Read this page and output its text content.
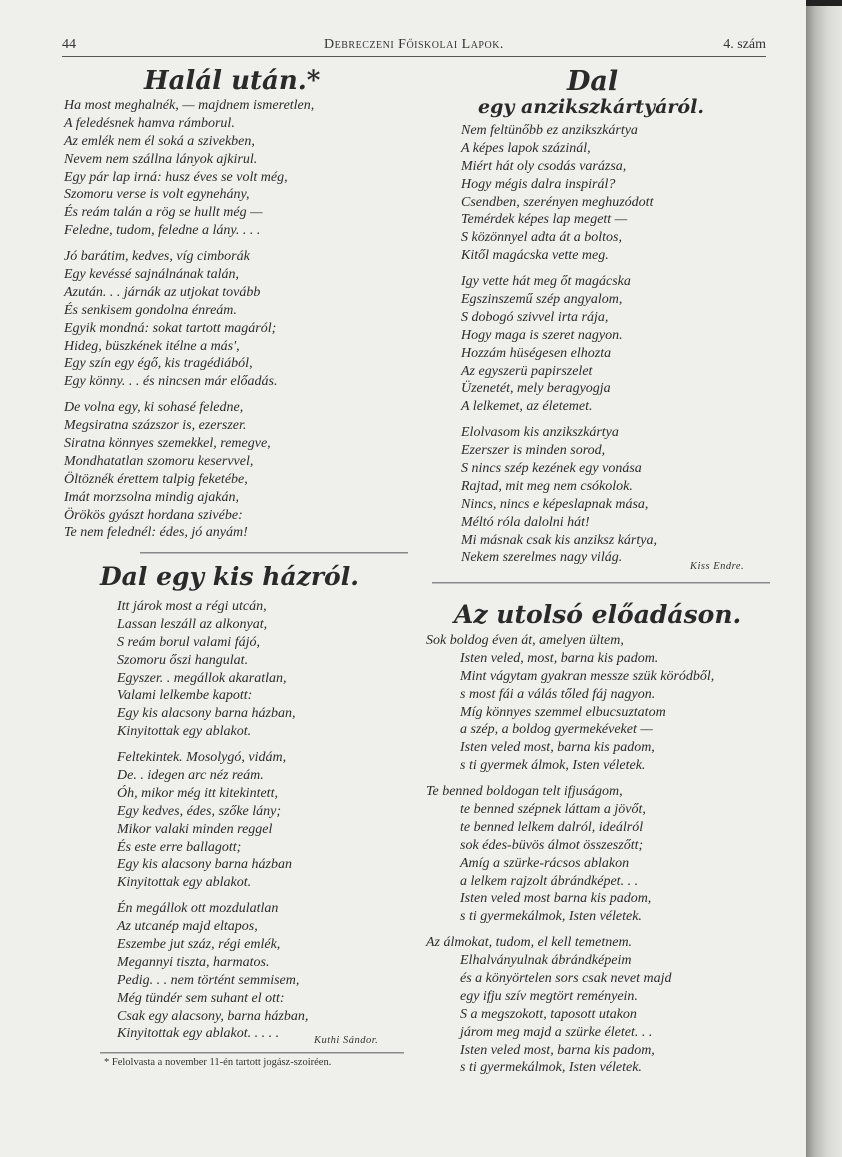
44	Debreczeni Főiskolai Lapok.	4. szám
Halál után.*
Ha most meghalnék, — majdnem ismeretlen,
A feledésnek hamva rámborul.
Az emlék nem él soká a szivekben,
Nevem nem szállna lányok ajkirul.
Egy pár lap irná: husz éves se volt még,
Szomoru verse is volt egynehány,
És reám talán a rög se hullt még —
Feledne, tudom, feledne a lány. . . .
Jó barátim, kedves, víg cimborák
Egy kevéssé sajnálnának talán,
Azután. . . járnák az utjokat tovább
És senkisem gondolna énreám.
Egyik mondná: sokat tartott magáról;
Hideg, büszkének itélne a más',
Egy szín egy égő, kis tragédiából,
Egy könny. . . és nincsen már előadás.
De volna egy, ki sohasé feledne,
Megsiratna százszor is, ezerszer.
Siratna könnyes szemekkel, remegve,
Mondhatatlan szomoru keservvel,
Öltöznék érettem talpig feketébe,
Imát morzsolna mindig ajakán,
Örökös gyászt hordana szivébe:
Te nem felednél: édes, jó anyám!
Dal egy kis házról.
Itt járok most a régi utcán,
Lassan leszáll az alkonyat,
S reám borul valami fájó,
Szomoru őszi hangulat.
Egyszer. . megállok akaratlan,
Valami lelkembe kapott:
Egy kis alacsony barna házban,
Kinyitottak egy ablakot.
Feltekintek. Mosolygó, vidám,
De. . idegen arc néz reám.
Óh, mikor még itt kitekintett,
Egy kedves, édes, szőke lány;
Mikor valaki minden reggel
És este erre ballagott;
Egy kis alacsony barna házban
Kinyitottak egy ablakot.
Én megállok ott mozdulatlan
Az utcanép majd eltapos,
Eszembe jut száz, régi emlék,
Megannyi tiszta, harmatos.
Pedig. . . nem történt semmisem,
Még tündér sem suhant el ott:
Csak egy alacsony, barna házban,
Kinyitottak egy ablakot. . . . .	Kuthi Sándor.
* Felolvasta a november 11-én tartott jogász-szoiréen.
Dal
egy anzikszkártyáról.
Nem feltünőbb ez anzikszkártya
A képes lapok százinál,
Miért hát oly csodás varázsa,
Hogy mégis dalra inspirál?
Csendben, szerényen meghuzódott
Temérdek képes lap megett —
S közönnyel adta át a boltos,
Kitől magácska vette meg.
Igy vette hát meg őt magácska
Egszinszemű szép angyalom,
S dobogó szivvel irta rája,
Hogy maga is szeret nagyon.
Hozzám hüségesen elhozta
Az egyszerü papirszelet
Üzenetét, mely beragyogja
A lelkemet, az életemet.
Elolvasom kis anzikszkártya
Ezerszer is minden sorod,
S nincs szép kezének egy vonása
Rajtad, mit meg nem csókolok.
Nincs, nincs e képeslapnak mása,
Méltó róla dalolni hát!
Mi másnak csak kis anziksz kártya,
Nekem szerelmes nagy világ.
Kiss Endre.
Az utolsó előadáson.
Sok boldog éven át, amelyen ültem,
Isten veled, most, barna kis padom.
Mint vágytam gyakran messze szük köródből,
s most fái a válás tőled fáj nagyon.
Míg könnyes szemmel elbucsuztatom
a szép, a boldog gyermekéveket —
Isten veled most, barna kis padom,
s ti gyermek álmok, Isten véletek.
Te benned boldogan telt ifjuságom,
te benned szépnek láttam a jövőt,
te benned lelkem dalról, ideálról
sok édes-büvös álmot összeszőtt;
Amíg a szürke-rácsos ablakon
a lelkem rajzolt ábrándképet. . .
Isten veled most barna kis padom,
s ti gyermekálmok, Isten véletek.
Az álmokat, tudom, el kell temetnem.
Elhalványulnak ábrándképeim
és a könyörtelen sors csak nevet majd
egy ifju szív megtört reményein.
S a megszokott, taposott utakon
járom meg majd a szürke életet. . .
Isten veled most, barna kis padom,
s ti gyermekálmok, Isten véletek.
